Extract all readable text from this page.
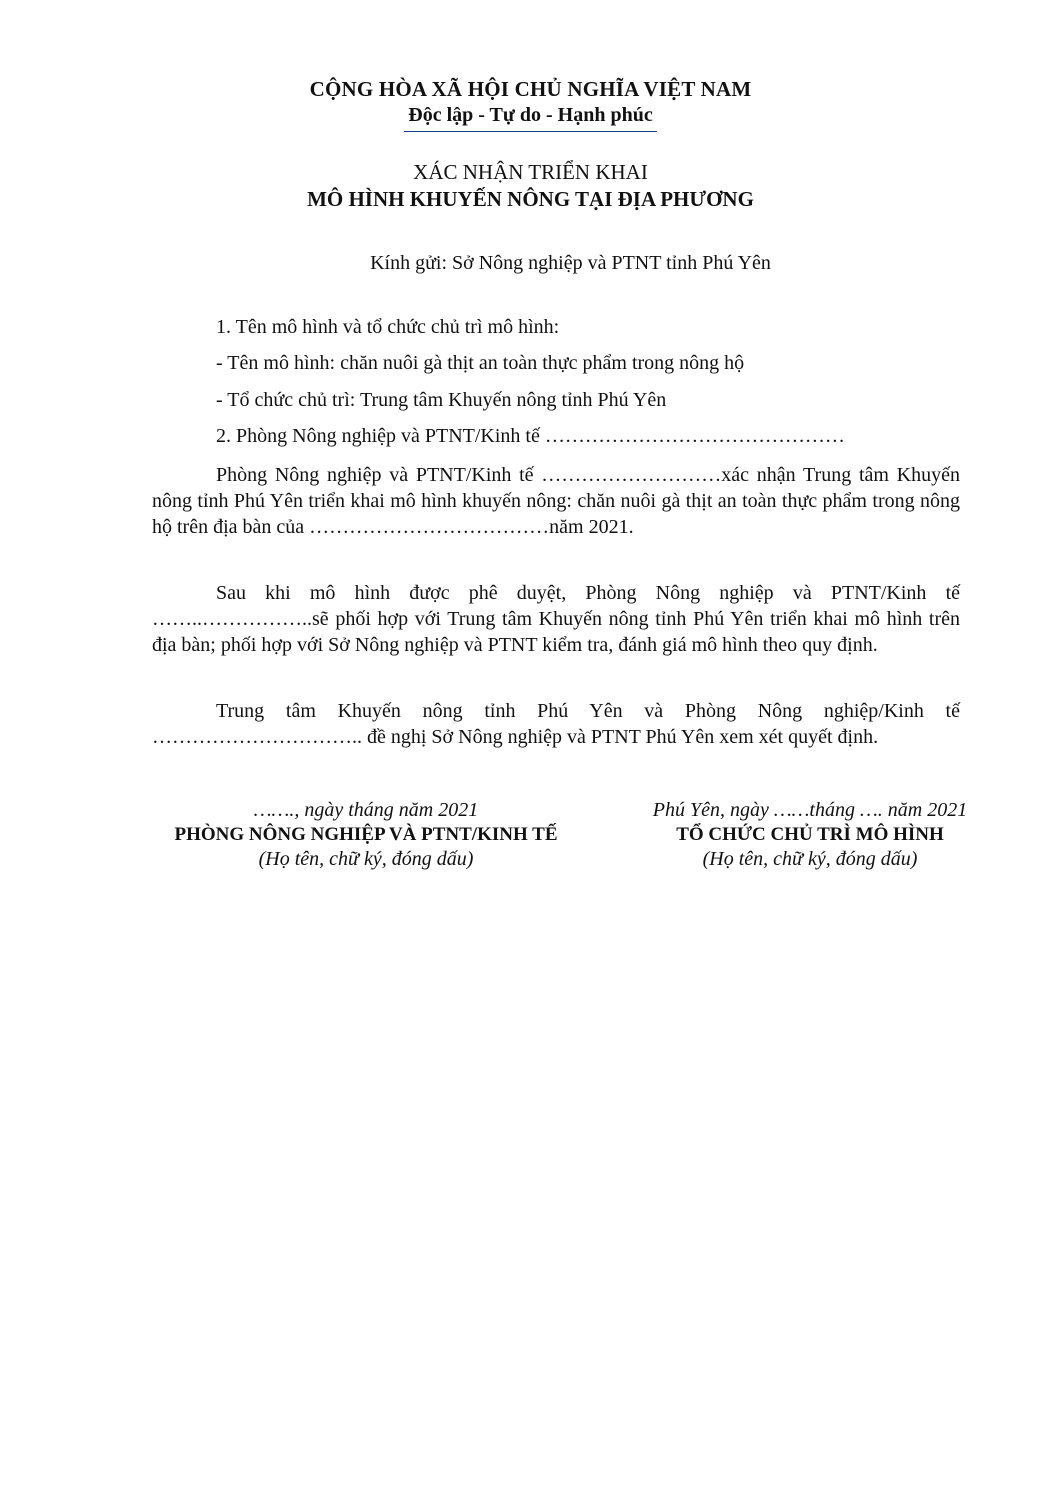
CỘNG HÒA XÃ HỘI CHỦ NGHĨA VIỆT NAM
Độc lập - Tự do - Hạnh phúc
XÁC NHẬN TRIỂN KHAI
MÔ HÌNH KHUYẾN NÔNG TẠI ĐỊA PHƯƠNG
Kính gửi: Sở Nông nghiệp và PTNT tỉnh Phú Yên
1. Tên mô hình và tổ chức chủ trì mô hình:
- Tên mô hình: chăn nuôi gà thịt an toàn thực phẩm trong nông hộ
- Tổ chức chủ trì: Trung tâm Khuyến nông tỉnh Phú Yên
2. Phòng Nông nghiệp và PTNT/Kinh tế ………………………………………
Phòng Nông nghiệp và PTNT/Kinh tế ………………………xác nhận Trung tâm Khuyến nông tỉnh Phú Yên triển khai mô hình khuyến nông: chăn nuôi gà thịt an toàn thực phẩm trong nông hộ trên địa bàn của ………………………………năm 2021.
Sau khi mô hình được phê duyệt, Phòng Nông nghiệp và PTNT/Kinh tế ……..……………..sẽ phối hợp với Trung tâm Khuyến nông tỉnh Phú Yên triển khai mô hình trên địa bàn; phối hợp với Sở Nông nghiệp và PTNT kiểm tra, đánh giá mô hình theo quy định.
Trung tâm Khuyến nông tỉnh Phú Yên và Phòng Nông nghiệp/Kinh tế ………………………….. đề nghị Sở Nông nghiệp và PTNT Phú Yên xem xét quyết định.
……., ngày tháng năm 2021
PHÒNG NÔNG NGHIỆP VÀ PTNT/KINH TẾ
(Họ tên, chữ ký, đóng dấu)
Phú Yên, ngày ……tháng …. năm 2021
TỔ CHỨC CHỦ TRÌ MÔ HÌNH
(Họ tên, chữ ký, đóng dấu)
